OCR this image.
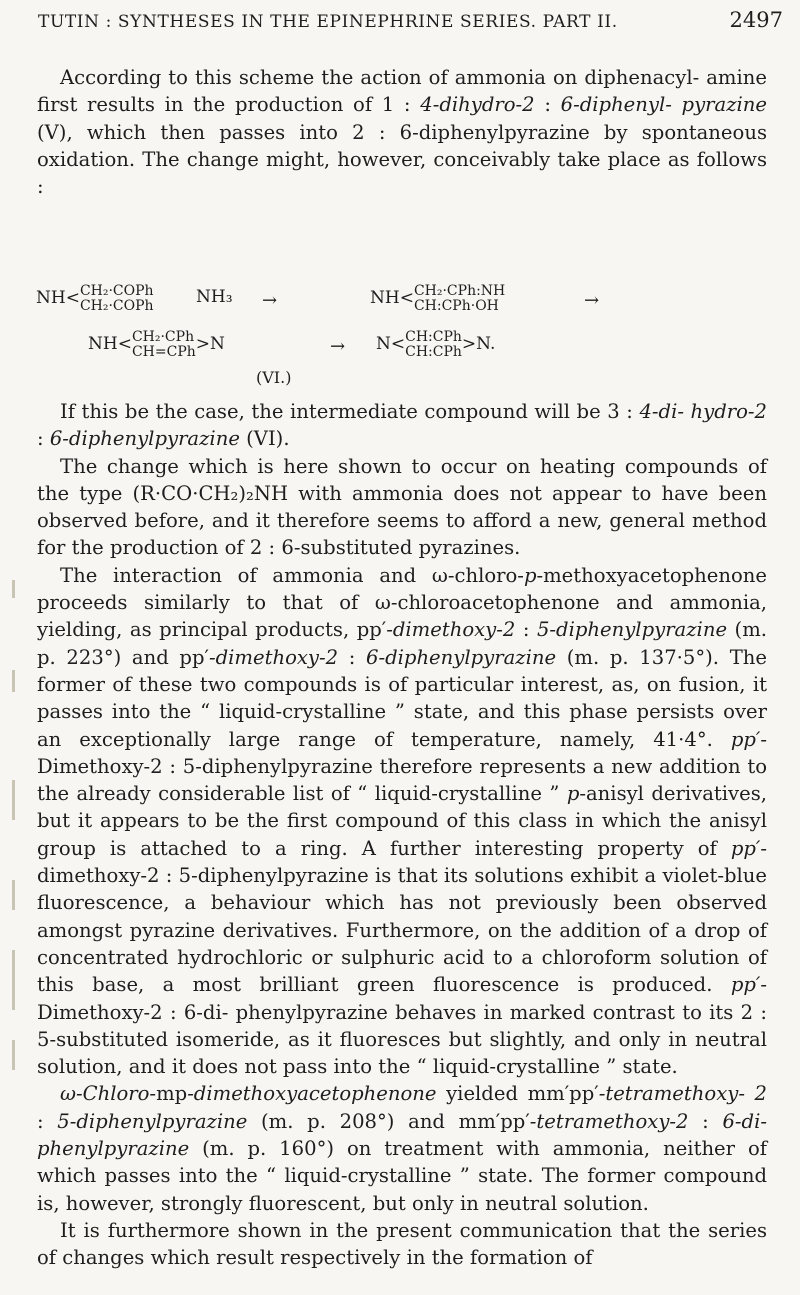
TUTIN : SYNTHESES IN THE EPINEPHRINE SERIES. PART II.	2497

According to this scheme the action of ammonia on diphenacyl- amine first results in the production of 1 : 4-dihydro-2 : 6-diphenyl- pyrazine (V), which then passes into 2 : 6-diphenylpyrazine by spontaneous oxidation. The change might, however, conceivably take place as follows :

NH<CH₂·COPh
CH₂·COPh NH₃ →	NH<CH₂·CPh:NH
CH:CPh·OH	→
NH<CH₂·CPh
CH=CPh>N	→ N<CH:CPh
CH:CPh>N.
(VI.)

If this be the case, the intermediate compound will be 3 : 4-di- hydro-2 : 6-diphenylpyrazine (VI).

The change which is here shown to occur on heating compounds of the type (R·CO·CH₂)₂NH with ammonia does not appear to have been observed before, and it therefore seems to afford a new, general method for the production of 2 : 6-substituted pyrazines.

The interaction of ammonia and ω-chloro-p-methoxyacetophenone proceeds similarly to that of ω-chloroacetophenone and ammonia, yielding, as principal products, pp′-dimethoxy-2 : 5-diphenylpyrazine (m. p. 223°) and pp′-dimethoxy-2 : 6-diphenylpyrazine (m. p. 137·5°). The former of these two compounds is of particular interest, as, on fusion, it passes into the “ liquid-crystalline ” state, and this phase persists over an exceptionally large range of temperature, namely, 41·4°. pp′-Dimethoxy-2 : 5-diphenylpyrazine therefore represents a new addition to the already considerable list of “ liquid-crystalline ” p-anisyl derivatives, but it appears to be the first compound of this class in which the anisyl group is attached to a ring. A further interesting property of pp′-dimethoxy-2 : 5-diphenylpyrazine is that its solutions exhibit a violet-blue fluorescence, a behaviour which has not previously been observed amongst pyrazine derivatives. Furthermore, on the addition of a drop of concentrated hydrochloric or sulphuric acid to a chloroform solution of this base, a most brilliant green fluorescence is produced. pp′-Dimethoxy-2 : 6-di- phenylpyrazine behaves in marked contrast to its 2 : 5-substituted isomeride, as it fluoresces but slightly, and only in neutral solution, and it does not pass into the “ liquid-crystalline ” state.

ω-Chloro-mp-dimethoxyacetophenone yielded mm′pp′-tetramethoxy- 2 : 5-diphenylpyrazine (m. p. 208°) and mm′pp′-tetramethoxy-2 : 6-di- phenylpyrazine (m. p. 160°) on treatment with ammonia, neither of which passes into the “ liquid-crystalline ” state. The former compound is, however, strongly fluorescent, but only in neutral solution.

It is furthermore shown in the present communication that the series of changes which result respectively in the formation of
